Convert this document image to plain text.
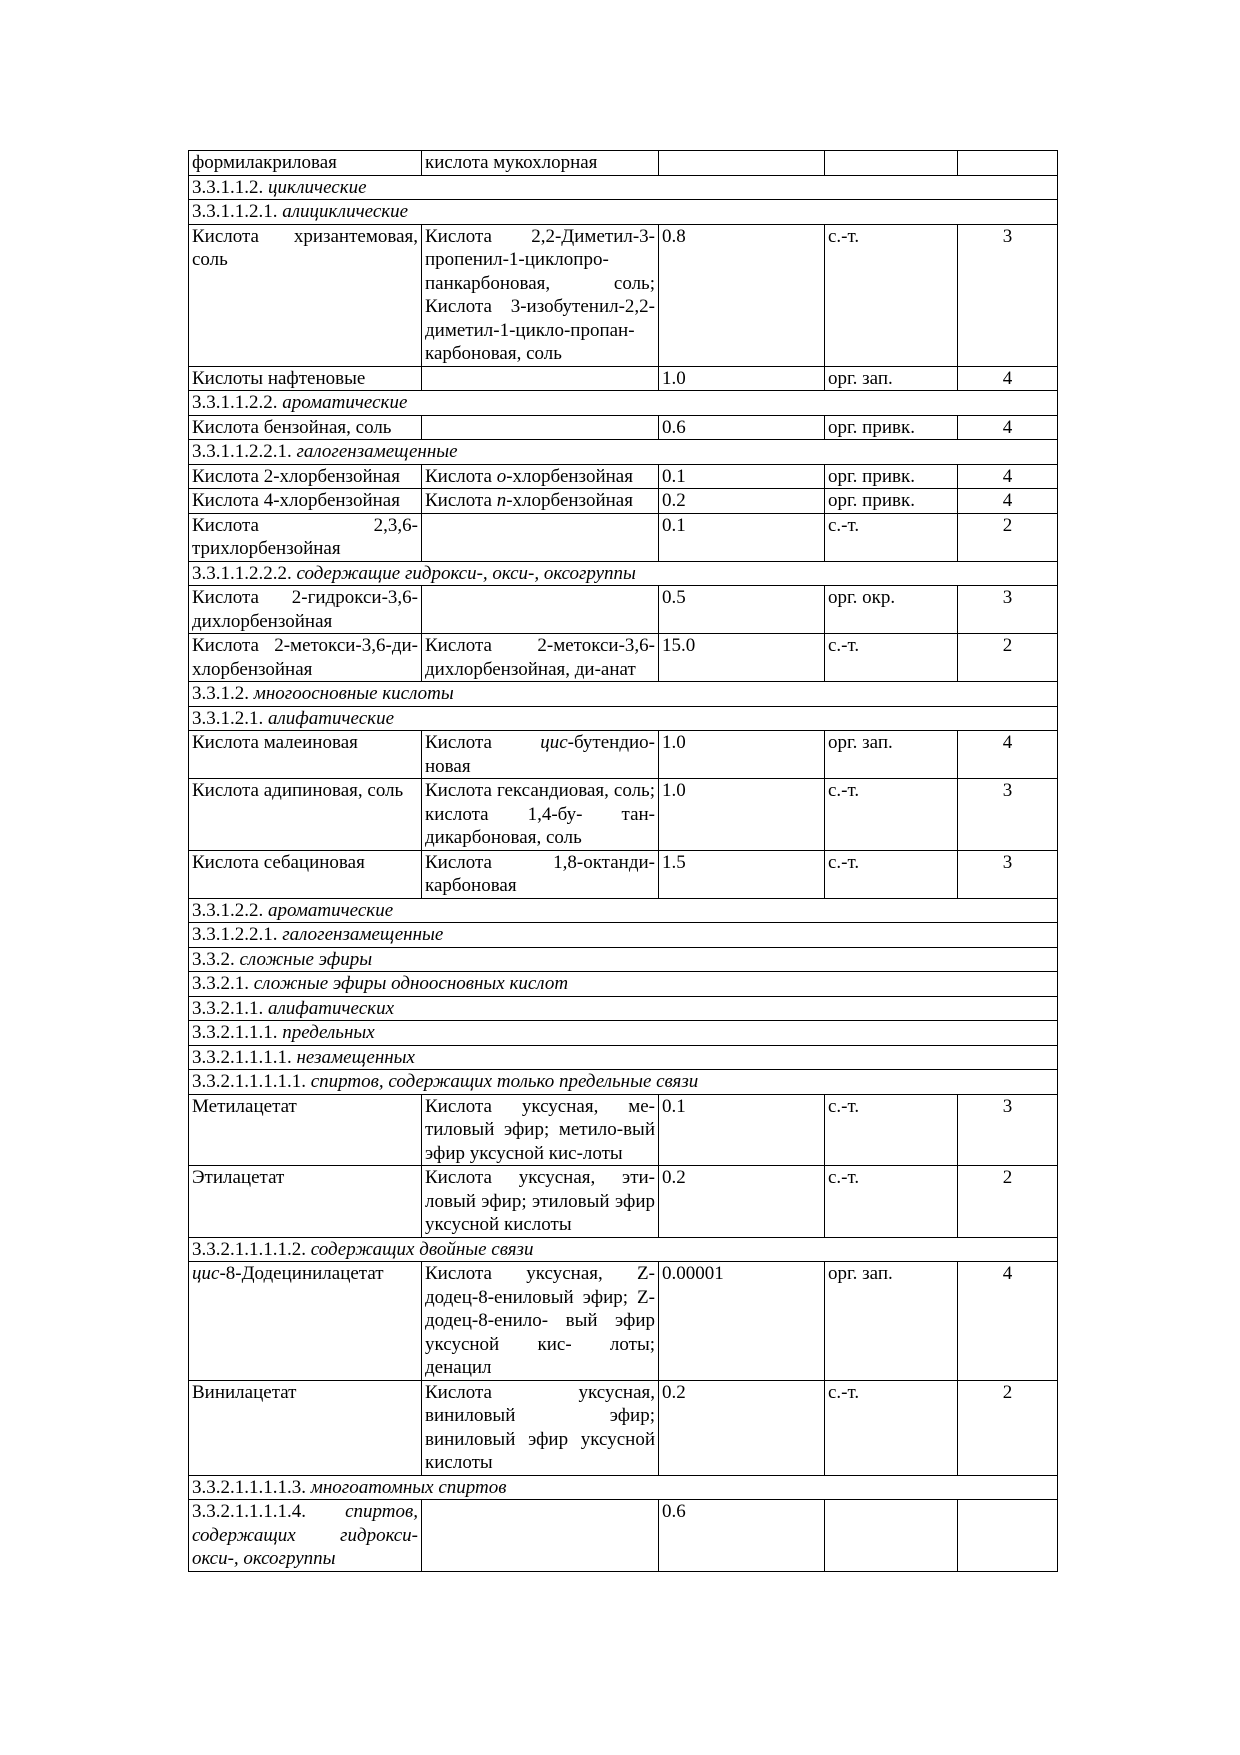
формилакриловая	кислота мукохлорная			
3.3.1.1.2. циклические				
3.3.1.1.2.1. алициклические				
Кислота хризантемовая, соль	Кислота 2,2-Диметил-3-пропенил-1-циклопро-панкарбоновая, соль; Кислота 3-изобутенил-2,2-диметил-1-цикло-пропан-карбоновая, соль	0.8	с.-т.	3
Кислоты нафтеновые		1.0	орг. зап.	4
3.3.1.1.2.2. ароматические				
Кислота бензойная, соль		0.6	орг. привк.	4
3.3.1.1.2.2.1. галогензамещенные				
Кислота 2-хлорбензойная	Кислота о-хлорбензойная	0.1	орг. привк.	4
Кислота 4-хлорбензойная	Кислота п-хлорбензойная	0.2	орг. привк.	4
Кислота 2,3,6-трихлорбензойная		0.1	с.-т.	2
3.3.1.1.2.2.2. содержащие гидрокси-, окси-, оксогруппы				
Кислота 2-гидрокси-3,6-дихлорбензойная		0.5	орг. окр.	3
Кислота 2-метокси-3,6-ди-хлорбензойная	Кислота 2-метокси-3,6-дихлорбензойная, ди-анат	15.0	с.-т.	2
3.3.1.2. многоосновные кислоты				
3.3.1.2.1. алифатические				
Кислота малеиновая	Кислота цис-бутендио-новая	1.0	орг. зап.	4
Кислота адипиновая, соль	Кислота гександиовая, соль; кислота 1,4-бу- тан-дикарбоновая, соль	1.0	с.-т.	3
Кислота себациновая	Кислота 1,8-октанди-карбоновая	1.5	с.-т.	3
3.3.1.2.2. ароматические				
3.3.1.2.2.1. галогензамещенные				
3.3.2. сложные эфиры				
3.3.2.1. сложные эфиры одноосновных кислот				
3.3.2.1.1. алифатических				
3.3.2.1.1.1. предельных				
3.3.2.1.1.1.1. незамещенных				
3.3.2.1.1.1.1.1. спиртов, содержащих только предельные связи				
Метилацетат	Кислота уксусная, ме-тиловый эфир; метило-вый эфир уксусной кис-лоты	0.1	с.-т.	3
Этилацетат	Кислота уксусная, эти-ловый эфир; этиловый эфир уксусной кислоты	0.2	с.-т.	2
3.3.2.1.1.1.1.2. содержащих двойные связи				
цис-8-Додецинилацетат	Кислота уксусная, Z-додец-8-ениловый эфир; Z-додец-8-енило- вый эфир уксусной кис- лоты; денацил	0.00001	орг. зап.	4
Винилацетат	Кислота уксусная, виниловый эфир; виниловый эфир уксусной кислоты	0.2	с.-т.	2
3.3.2.1.1.1.1.3. многоатомных спиртов				
3.3.2.1.1.1.1.4. спиртов, содержащих гидрокси-окси-, оксогруппы		0.6		
